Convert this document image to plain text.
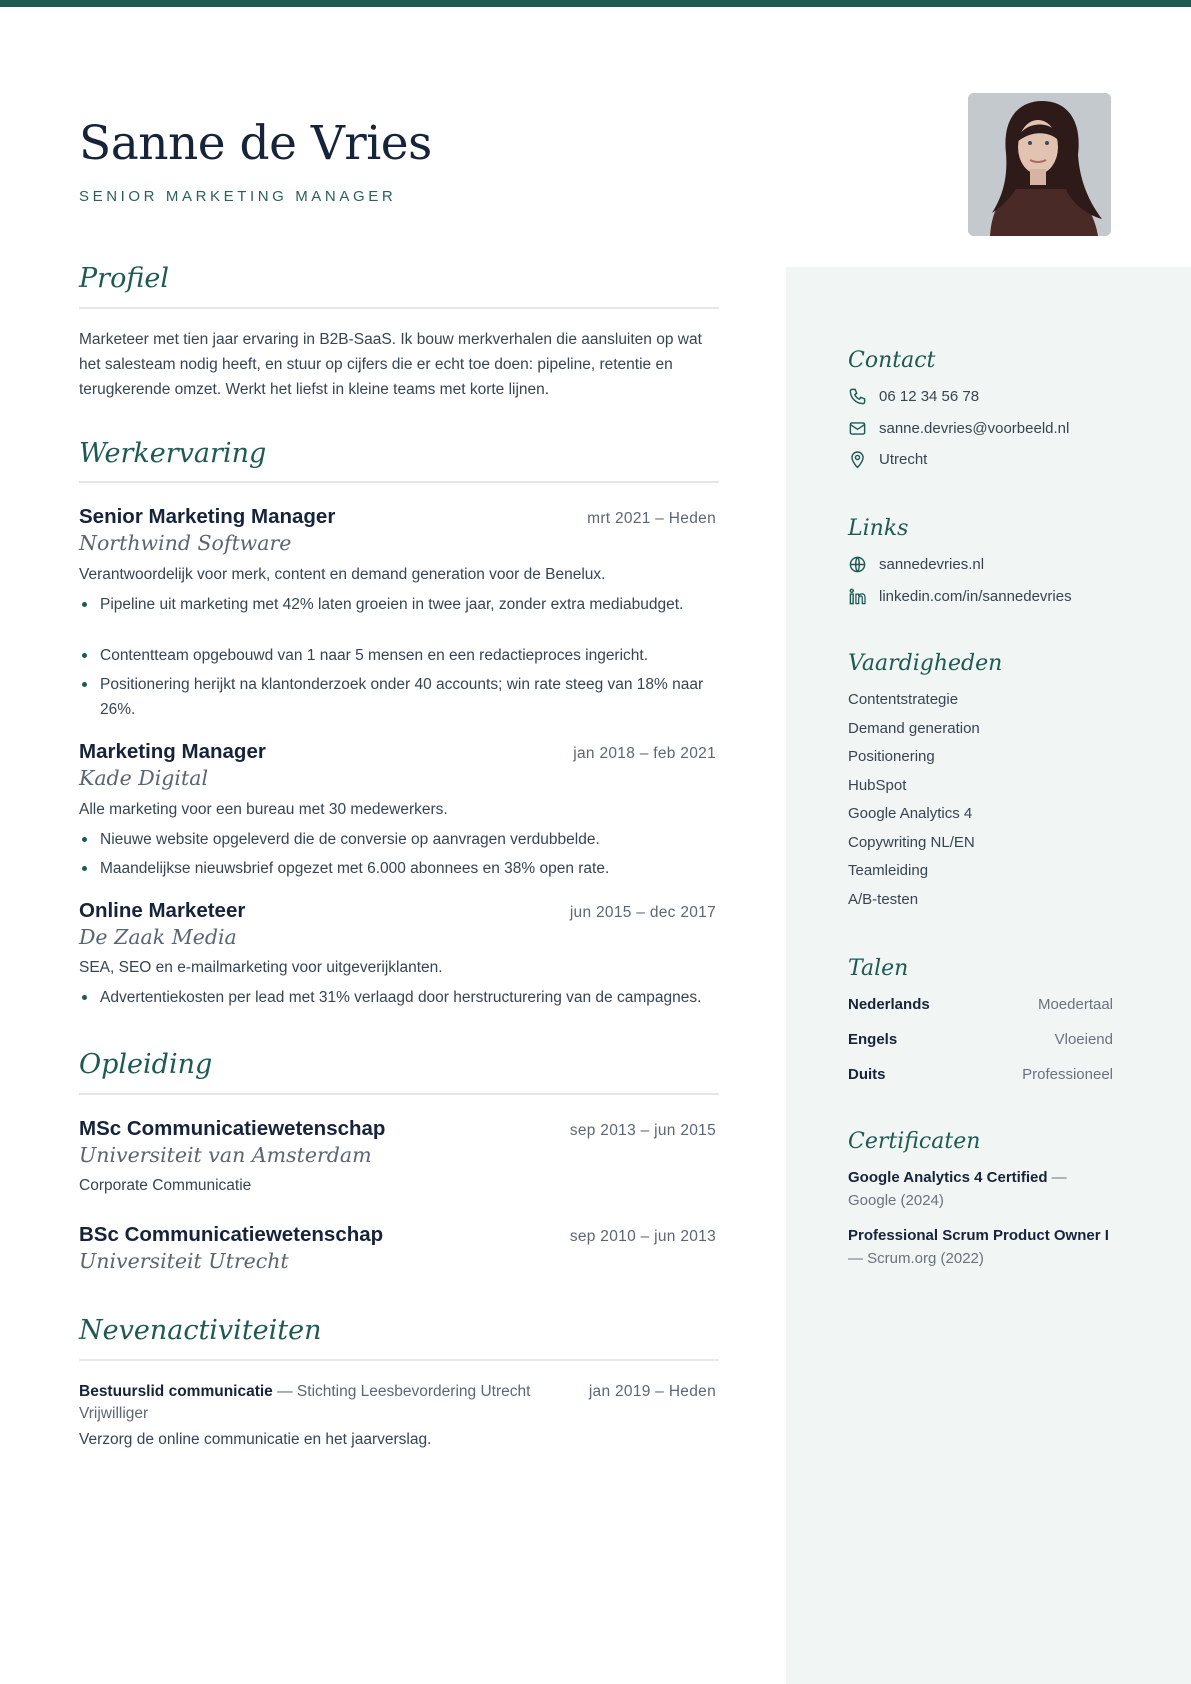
Sanne de Vries
SENIOR MARKETING MANAGER
Profiel
Marketeer met tien jaar ervaring in B2B-SaaS. Ik bouw merkverhalen die aansluiten op wat het salesteam nodig heeft, en stuur op cijfers die er echt toe doen: pipeline, retentie en terugkerende omzet. Werkt het liefst in kleine teams met korte lijnen.
Werkervaring
Senior Marketing Manager	mrt 2021 – Heden
Northwind Software
Verantwoordelijk voor merk, content en demand generation voor de Benelux.
Pipeline uit marketing met 42% laten groeien in twee jaar, zonder extra mediabudget.
Contentteam opgebouwd van 1 naar 5 mensen en een redactieproces ingericht.
Positionering herijkt na klantonderzoek onder 40 accounts; win rate steeg van 18% naar 26%.
Marketing Manager	jan 2018 – feb 2021
Kade Digital
Alle marketing voor een bureau met 30 medewerkers.
Nieuwe website opgeleverd die de conversie op aanvragen verdubbelde.
Maandelijkse nieuwsbrief opgezet met 6.000 abonnees en 38% open rate.
Online Marketeer	jun 2015 – dec 2017
De Zaak Media
SEA, SEO en e-mailmarketing voor uitgeverijklanten.
Advertentiekosten per lead met 31% verlaagd door herstructurering van de campagnes.
Opleiding
MSc Communicatiewetenschap	sep 2013 – jun 2015
Universiteit van Amsterdam
Corporate Communicatie
BSc Communicatiewetenschap	sep 2010 – jun 2013
Universiteit Utrecht
Nevenactiviteiten
Bestuurslid communicatie — Stichting Leesbevordering Utrecht	jan 2019 – Heden
Vrijwilliger
Verzorg de online communicatie en het jaarverslag.
Contact
06 12 34 56 78
sanne.devries@voorbeeld.nl
Utrecht
Links
sannedevries.nl
linkedin.com/in/sannedevries
Vaardigheden
Contentstrategie
Demand generation
Positionering
HubSpot
Google Analytics 4
Copywriting NL/EN
Teamleiding
A/B-testen
Talen
Nederlands	Moedertaal
Engels	Vloeiend
Duits	Professioneel
Certificaten
Google Analytics 4 Certified — Google (2024)
Professional Scrum Product Owner I — Scrum.org (2022)
